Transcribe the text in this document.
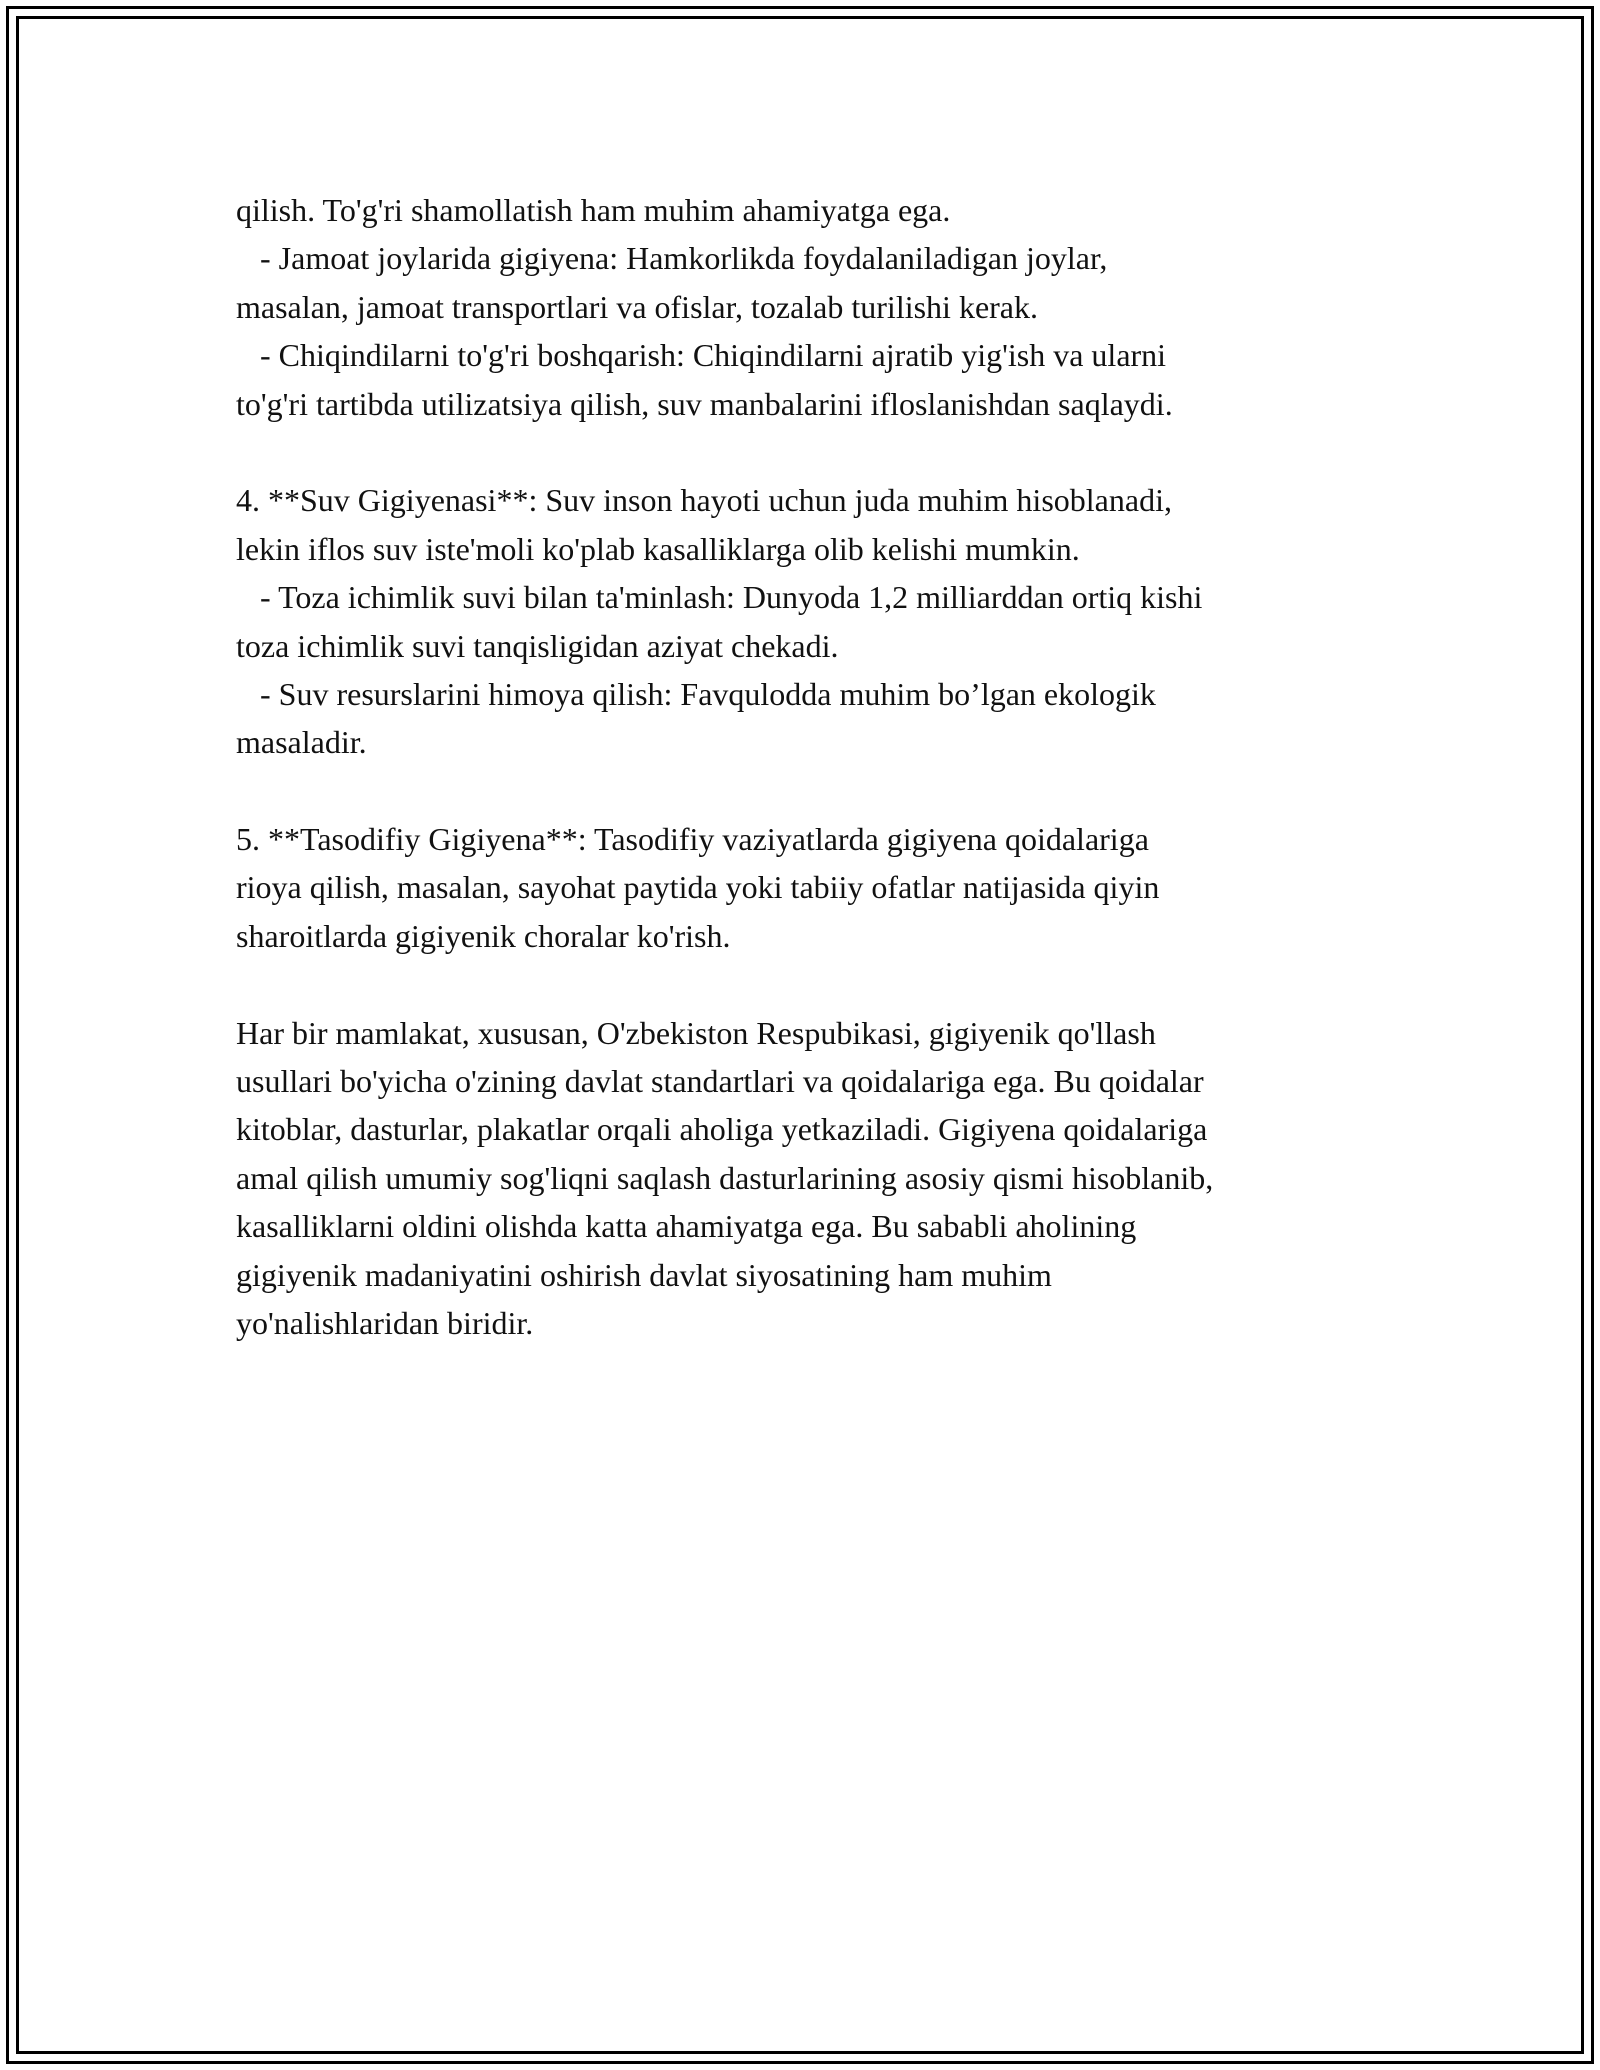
qilish. To'g'ri shamollatish ham muhim ahamiyatga ega.
- Jamoat joylarida gigiyena: Hamkorlikda foydalaniladigan joylar,
masalan, jamoat transportlari va ofislar, tozalab turilishi kerak.
- Chiqindilarni to'g'ri boshqarish: Chiqindilarni ajratib yig'ish va ularni
to'g'ri tartibda utilizatsiya qilish, suv manbalarini ifloslanishdan saqlaydi.
4. **Suv Gigiyenasi**: Suv inson hayoti uchun juda muhim hisoblanadi,
lekin iflos suv iste'moli ko'plab kasalliklarga olib kelishi mumkin.
- Toza ichimlik suvi bilan ta'minlash: Dunyoda 1,2 milliarddan ortiq kishi
toza ichimlik suvi tanqisligidan aziyat chekadi.
- Suv resurslarini himoya qilish: Favqulodda muhim bo’lgan ekologik
masaladir.
5. **Tasodifiy Gigiyena**: Tasodifiy vaziyatlarda gigiyena qoidalariga
rioya qilish, masalan, sayohat paytida yoki tabiiy ofatlar natijasida qiyin
sharoitlarda gigiyenik choralar ko'rish.
Har bir mamlakat, xususan, O'zbekiston Respubikasi, gigiyenik qo'llash
usullari bo'yicha o'zining davlat standartlari va qoidalariga ega. Bu qoidalar
kitoblar, dasturlar, plakatlar orqali aholiga yetkaziladi. Gigiyena qoidalariga
amal qilish umumiy sog'liqni saqlash dasturlarining asosiy qismi hisoblanib,
kasalliklarni oldini olishda katta ahamiyatga ega. Bu sababli aholining
gigiyenik madaniyatini oshirish davlat siyosatining ham muhim
yo'nalishlaridan biridir.
